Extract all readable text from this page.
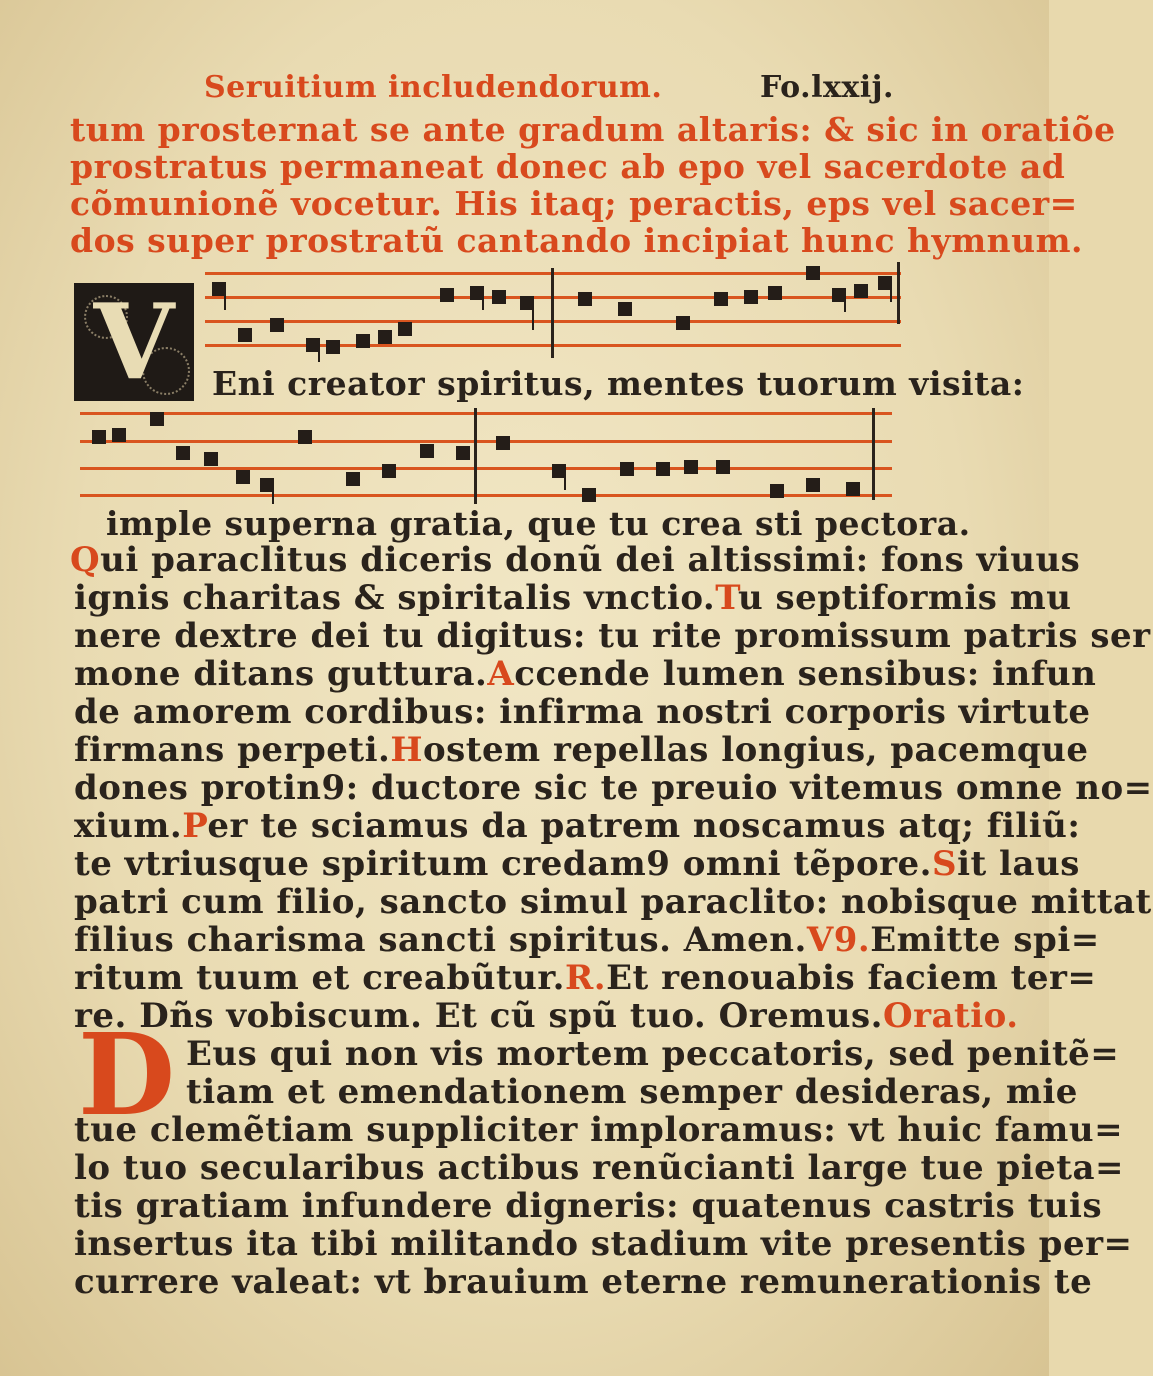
Seruitium includendorum.	Fo.lxxij.
tum prosternat se ante gradum altaris: & sic in oratiõe
prostratus permaneat donec ab epo vel sacerdote ad
cõmunionẽ vocetur. His itaq; peractis, eps vel sacer=
dos super prostratũ cantando incipiat hunc hymnum.
V	Eni creator spiritus, mentes tuorum visita:
imple superna gratia, que tu crea sti pectora.
Qui paraclitus diceris donũ dei altissimi: fons viuus
ignis charitas & spiritalis vnctio.Tu septiformis mu
nere dextre dei tu digitus: tu rite promissum patris ser
mone ditans guttura.Accende lumen sensibus: infun
de amorem cordibus: infirma nostri corporis virtute
firmans perpeti.Hostem repellas longius, pacemque
dones protin9: ductore sic te preuio vitemus omne no=
xium.Per te sciamus da patrem noscamus atq; filiũ:
te vtriusque spiritum credam9 omni tẽpore.Sit laus
patri cum filio, sancto simul paraclito: nobisque mittat
filius charisma sancti spiritus. Amen.V9.Emitte spi=
ritum tuum et creabũtur.R.Et renouabis faciem ter=
re. Dñs vobiscum. Et cũ spũ tuo. Oremus.Oratio.
D Eus qui non vis mortem peccatoris, sed penitẽ=
tiam et emendationem semper desideras, mie
tue clemẽtiam suppliciter imploramus: vt huic famu=
lo tuo secularibus actibus renũcianti large tue pieta=
tis gratiam infundere digneris: quatenus castris tuis
insertus ita tibi militando stadium vite presentis per=
currere valeat: vt brauium eterne remunerationis te
